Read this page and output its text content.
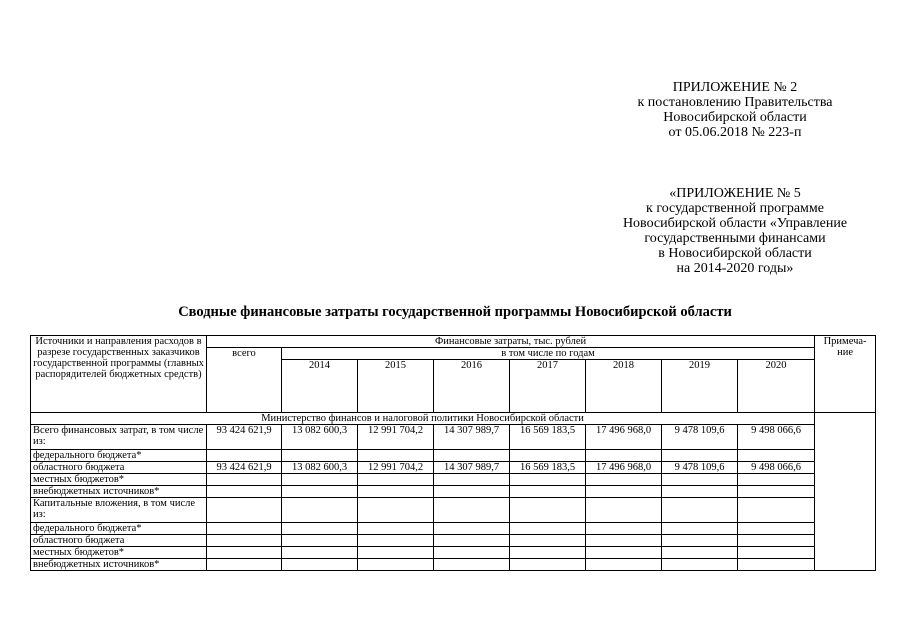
ПРИЛОЖЕНИЕ № 2
к постановлению Правительства
Новосибирской области
от 05.06.2018 № 223-п
«ПРИЛОЖЕНИЕ № 5
к государственной программе
Новосибирской области «Управление
государственными финансами
в Новосибирской области
на 2014-2020 годы»
Сводные финансовые затраты государственной программы Новосибирской области
Источники и направления расходов в разрезе государственных заказчиков государственной программы (главных распорядителей бюджетных средств)	Финансовые затраты, тыс. рублей								Примеча-ние
	всего	в том числе по годам							
		2014	2015	2016	2017	2018	2019	2020	
Министерство финансов и налоговой политики Новосибирской области									
Всего финансовых затрат, в том числе из:	93 424 621,9	13 082 600,3	12 991 704,2	14 307 989,7	16 569 183,5	17 496 968,0	9 478 109,6	9 498 066,6	
федерального бюджета*									
областного бюджета	93 424 621,9	13 082 600,3	12 991 704,2	14 307 989,7	16 569 183,5	17 496 968,0	9 478 109,6	9 498 066,6	
местных бюджетов*									
внебюджетных источников*									
Капитальные вложения, в том числе из:									
федерального бюджета*									
областного бюджета									
местных бюджетов*									
внебюджетных источников*									
